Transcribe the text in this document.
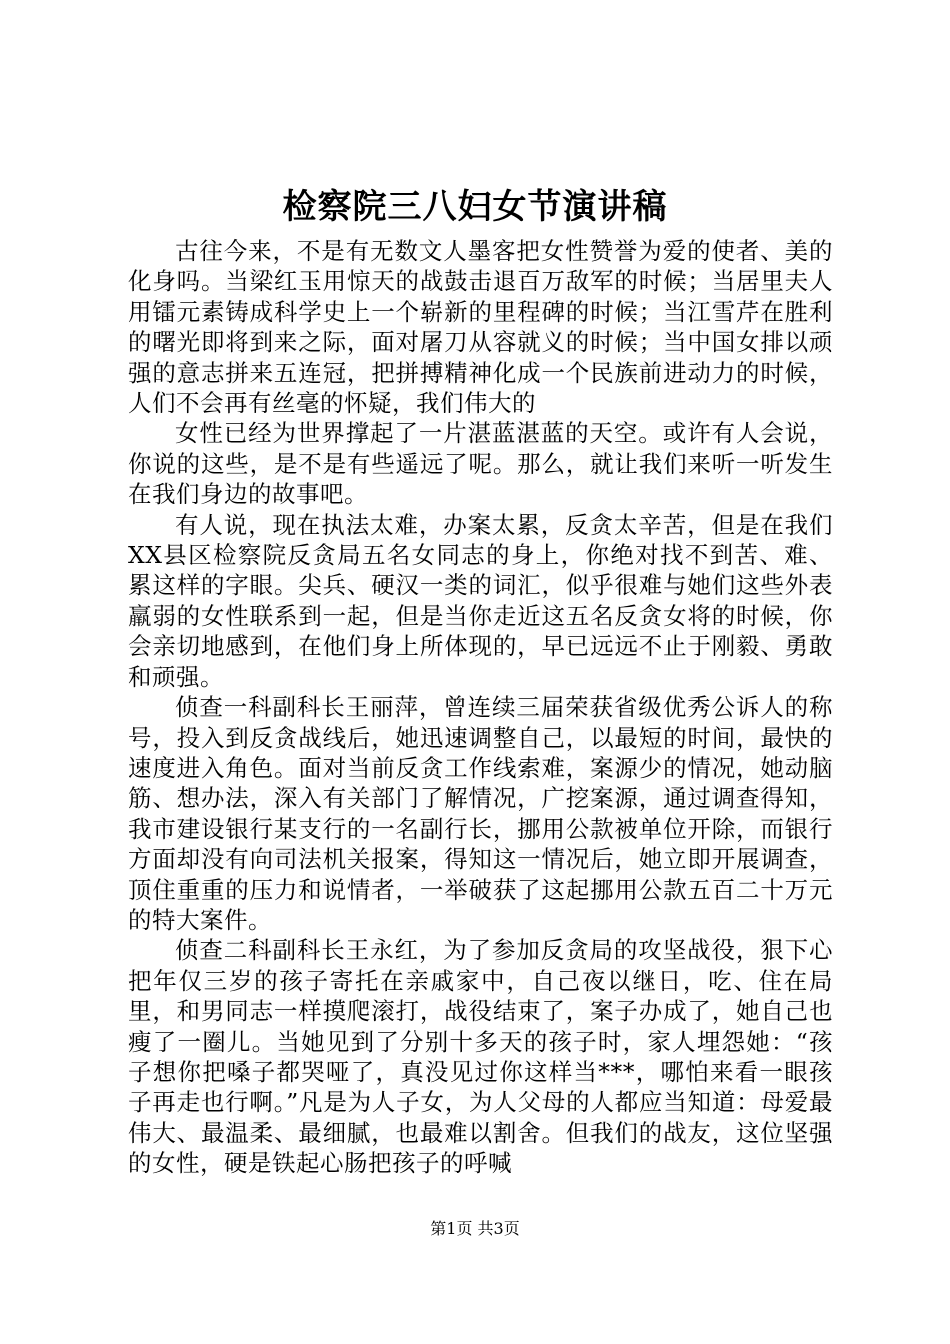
检察院三八妇女节演讲稿

古往今来，不是有无数文人墨客把女性赞誉为爱的使者、美的化身吗。当梁红玉用惊天的战鼓击退百万敌军的时候；当居里夫人用镭元素铸成科学史上一个崭新的里程碑的时候；当江雪芹在胜利的曙光即将到来之际，面对屠刀从容就义的时候；当中国女排以顽强的意志拼来五连冠，把拼搏精神化成一个民族前进动力的时候，人们不会再有丝毫的怀疑，我们伟大的

女性已经为世界撑起了一片湛蓝湛蓝的天空。或许有人会说，你说的这些，是不是有些遥远了呢。那么，就让我们来听一听发生在我们身边的故事吧。

有人说，现在执法太难，办案太累，反贪太辛苦，但是在我们XX县区检察院反贪局五名女同志的身上，你绝对找不到苦、难、累这样的字眼。尖兵、硬汉一类的词汇，似乎很难与她们这些外表羸弱的女性联系到一起，但是当你走近这五名反贪女将的时候，你会亲切地感到，在他们身上所体现的，早已远远不止于刚毅、勇敢和顽强。

侦查一科副科长王丽萍，曾连续三届荣获省级优秀公诉人的称号，投入到反贪战线后，她迅速调整自己，以最短的时间，最快的速度进入角色。面对当前反贪工作线索难，案源少的情况，她动脑筋、想办法，深入有关部门了解情况，广挖案源，通过调查得知，我市建设银行某支行的一名副行长，挪用公款被单位开除，而银行方面却没有向司法机关报案，得知这一情况后，她立即开展调查，顶住重重的压力和说情者，一举破获了这起挪用公款五百二十万元的特大案件。

侦查二科副科长王永红，为了参加反贪局的攻坚战役，狠下心把年仅三岁的孩子寄托在亲戚家中，自己夜以继日，吃、住在局里，和男同志一样摸爬滚打，战役结束了，案子办成了，她自己也瘦了一圈儿。当她见到了分别十多天的孩子时，家人埋怨她：“孩子想你把嗓子都哭哑了，真没见过你这样当***，哪怕来看一眼孩子再走也行啊。”凡是为人子女，为人父母的人都应当知道：母爱最伟大、最温柔、最细腻，也最难以割舍。但我们的战友，这位坚强的女性，硬是铁起心肠把孩子的呼喊

第1页 共3页
